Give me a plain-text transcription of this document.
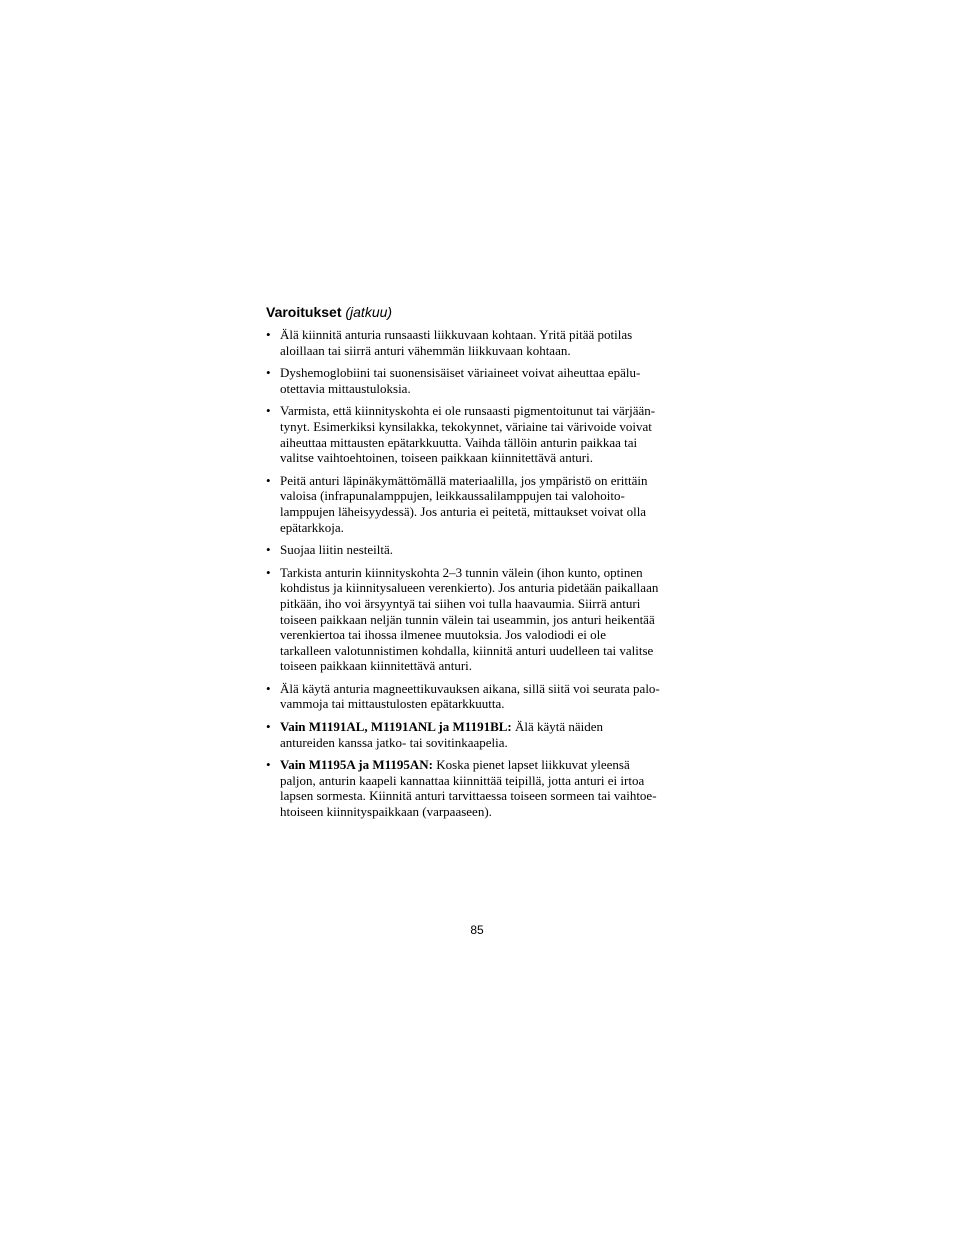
Varoitukset (jatkuu)
• Älä kiinnitä anturia runsaasti liikkuvaan kohtaan. Yritä pitää potilas
aloillaan tai siirrä anturi vähemmän liikkuvaan kohtaan.
• Dyshemoglobiini tai suonensisäiset väriaineet voivat aiheuttaa epälu-
otettavia mittaustuloksia.
• Varmista, että kiinnityskohta ei ole runsaasti pigmentoitunut tai värjään-
tynyt. Esimerkiksi kynsilakka, tekokynnet, väriaine tai värivoide voivat
aiheuttaa mittausten epätarkkuutta. Vaihda tällöin anturin paikkaa tai
valitse vaihtoehtoinen, toiseen paikkaan kiinnitettävä anturi.
• Peitä anturi läpinäkymättömällä materiaalilla, jos ympäristö on erittäin
valoisa (infrapunalamppujen, leikkaussalilamppujen tai valohoito-
lamppujen läheisyydessä). Jos anturia ei peitetä, mittaukset voivat olla
epätarkkoja.
• Suojaa liitin nesteiltä.
• Tarkista anturin kiinnityskohta 2–3 tunnin välein (ihon kunto, optinen
kohdistus ja kiinnitysalueen verenkierto). Jos anturia pidetään paikallaan
pitkään, iho voi ärsyyntyä tai siihen voi tulla haavaumia. Siirrä anturi
toiseen paikkaan neljän tunnin välein tai useammin, jos anturi heikentää
verenkiertoa tai ihossa ilmenee muutoksia. Jos valodiodi ei ole
tarkalleen valotunnistimen kohdalla, kiinnitä anturi uudelleen tai valitse
toiseen paikkaan kiinnitettävä anturi.
• Älä käytä anturia magneettikuvauksen aikana, sillä siitä voi seurata palo-
vammoja tai mittaustulosten epätarkkuutta.
• Vain M1191AL, M1191ANL ja M1191BL: Älä käytä näiden
antureiden kanssa jatko- tai sovitinkaapelia.
• Vain M1195A ja M1195AN: Koska pienet lapset liikkuvat yleensä
paljon, anturin kaapeli kannattaa kiinnittää teipillä, jotta anturi ei irtoa
lapsen sormesta. Kiinnitä anturi tarvittaessa toiseen sormeen tai vaihtoe-
htoiseen kiinnityspaikkaan (varpaaseen).
85
